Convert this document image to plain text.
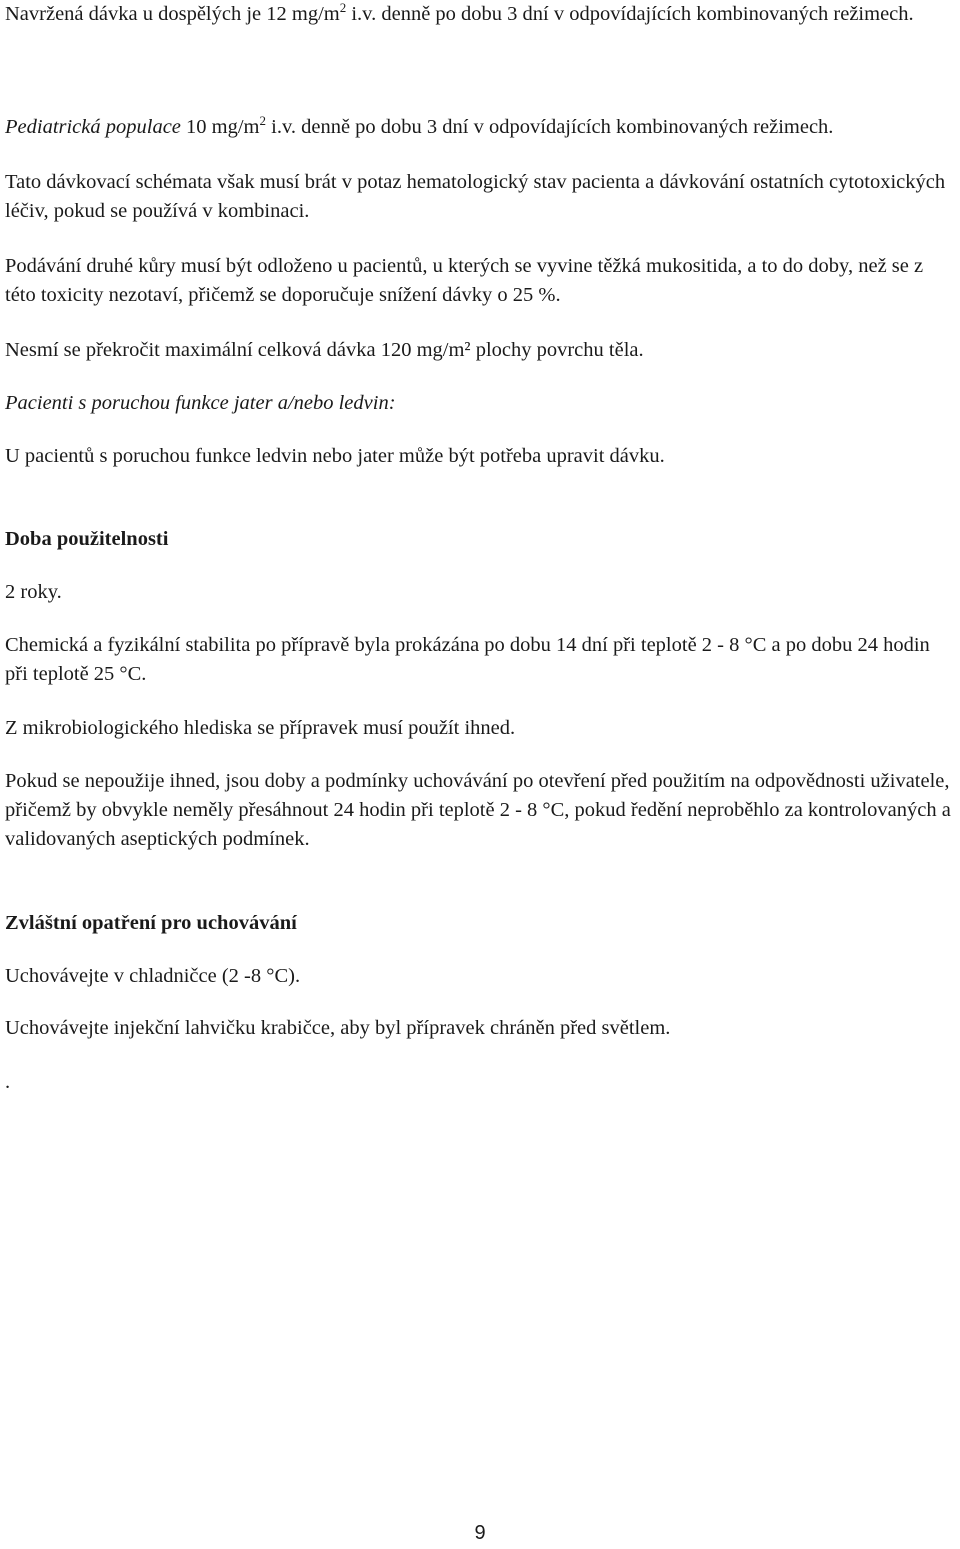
Navržená dávka u dospělých je 12 $mg/m^2$ i.v. denně po dobu 3 dní v odpovídajících kombinovaných režimech.

Pediatrická populace 10 $mg/m^2$ i.v. denně po dobu 3 dní v odpovídajících kombinovaných režimech.

Tato dávkovací schémata však musí brát v potaz hematologický stav pacienta a dávkování ostatních cytotoxických léčiv, pokud se používá v kombinaci.

Podávání druhé kůry musí být odloženo u pacientů, u kterých se vyvine těžká mukositida, a to do doby, než se z této toxicity nezotaví, přičemž se doporučuje snížení dávky o 25 %.

Nesmí se překročit maximální celková dávka 120 mg/m² plochy povrchu těla.

Pacienti s poruchou funkce jater a/nebo ledvin:

U pacientů s poruchou funkce ledvin nebo jater může být potřeba upravit dávku.

Doba použitelnosti

2 roky.

Chemická a fyzikální stabilita po přípravě byla prokázána po dobu 14 dní při teplotě 2 - 8 °C a po dobu 24 hodin při teplotě 25 °C.

Z mikrobiologického hlediska se přípravek musí použít ihned.

Pokud se nepoužije ihned, jsou doby a podmínky uchovávání po otevření před použitím na odpovědnosti uživatele, přičemž by obvykle neměly přesáhnout 24 hodin při teplotě 2 - 8 °C, pokud ředění neproběhlo za kontrolovaných a validovaných aseptických podmínek.

Zvláštní opatření pro uchovávání

Uchovávejte v chladničce (2 -8 °C).

Uchovávejte injekční lahvičku krabičce, aby byl přípravek chráněn před světlem.

.

9
